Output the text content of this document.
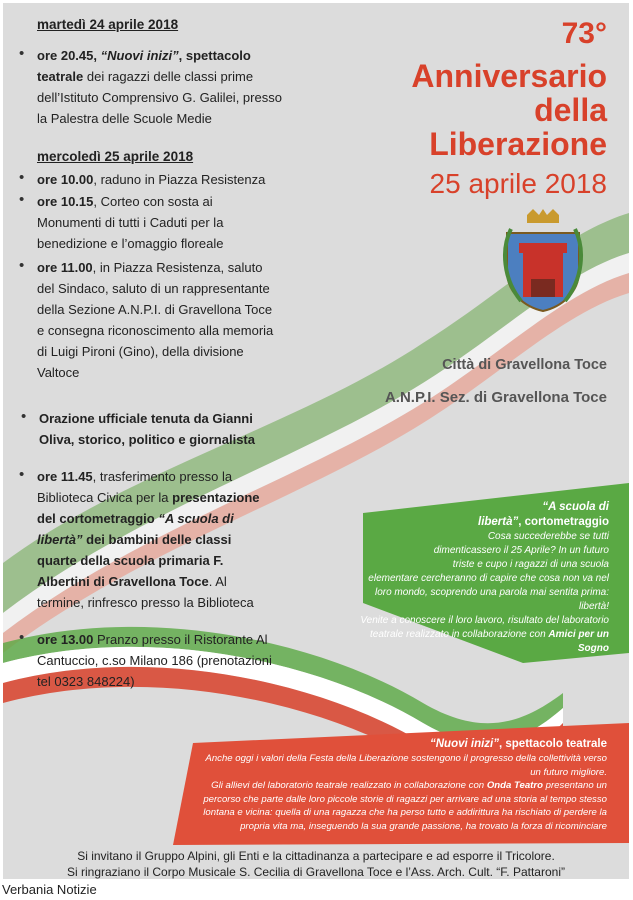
martedì 24 aprile 2018
• ore 20.45, “Nuovi inizi”, spettacolo
teatrale dei ragazzi delle classi prime
dell’Istituto Comprensivo G. Galilei, presso
la Palestra delle Scuole Medie
mercoledì 25 aprile 2018
• ore 10.00, raduno in Piazza Resistenza
• ore 10.15, Corteo con sosta ai
Monumenti di tutti i Caduti per la
benedizione e l’omaggio floreale
• ore 11.00, in Piazza Resistenza, saluto
del Sindaco, saluto di un rappresentante
della Sezione A.N.P.I. di Gravellona Toce
e consegna riconoscimento alla memoria
di Luigi Pironi (Gino), della divisione
Valtoce
• Orazione ufficiale tenuta da Gianni
Oliva, storico, politico e giornalista
• ore 11.45, trasferimento presso la
Biblioteca Civica per la presentazione
del cortometraggio “A scuola di
libertà” dei bambini delle classi
quarte della scuola primaria F.
Albertini di Gravellona Toce. Al
termine, rinfresco presso la Biblioteca
• ore 13.00 Pranzo presso il Ristorante Al
Cantuccio, c.so Milano 186 (prenotazioni
tel 0323 848224)
73°
Anniversario
della
Liberazione
25 aprile 2018
Città di Gravellona Toce
A.N.P.I. Sez. di Gravellona Toce
“A scuola di
libertà”, cortometraggio
Cosa succederebbe se tutti
dimenticassero il 25 Aprile? In un futuro
triste e cupo i ragazzi di una scuola
elementare cercheranno di capire che cosa non va nel
loro mondo, scoprendo una parola mai sentita prima:
libertà!
Venite a conoscere il loro lavoro, risultato del laboratorio
teatrale realizzato in collaborazione con Amici per un
Sogno
“Nuovi inizi”, spettacolo teatrale
Anche oggi i valori della Festa della Liberazione sostengono il progresso della collettività verso
un futuro migliore.
Gli allievi del laboratorio teatrale realizzato in collaborazione con Onda Teatro presentano un
percorso che parte dalle loro piccole storie di ragazzi per arrivare ad una storia al tempo stesso
lontana e vicina: quella di una ragazza che ha perso tutto e addirittura ha rischiato di perdere la
propria vita ma, inseguendo la sua grande passione, ha trovato la forza di ricominciare
Si invitano il Gruppo Alpini, gli Enti e la cittadinanza a partecipare e ad esporre il Tricolore.
Si ringraziano il Corpo Musicale S. Cecilia di Gravellona Toce e l’Ass. Arch. Cult. “F. Pattaroni”
Verbania Notizie
